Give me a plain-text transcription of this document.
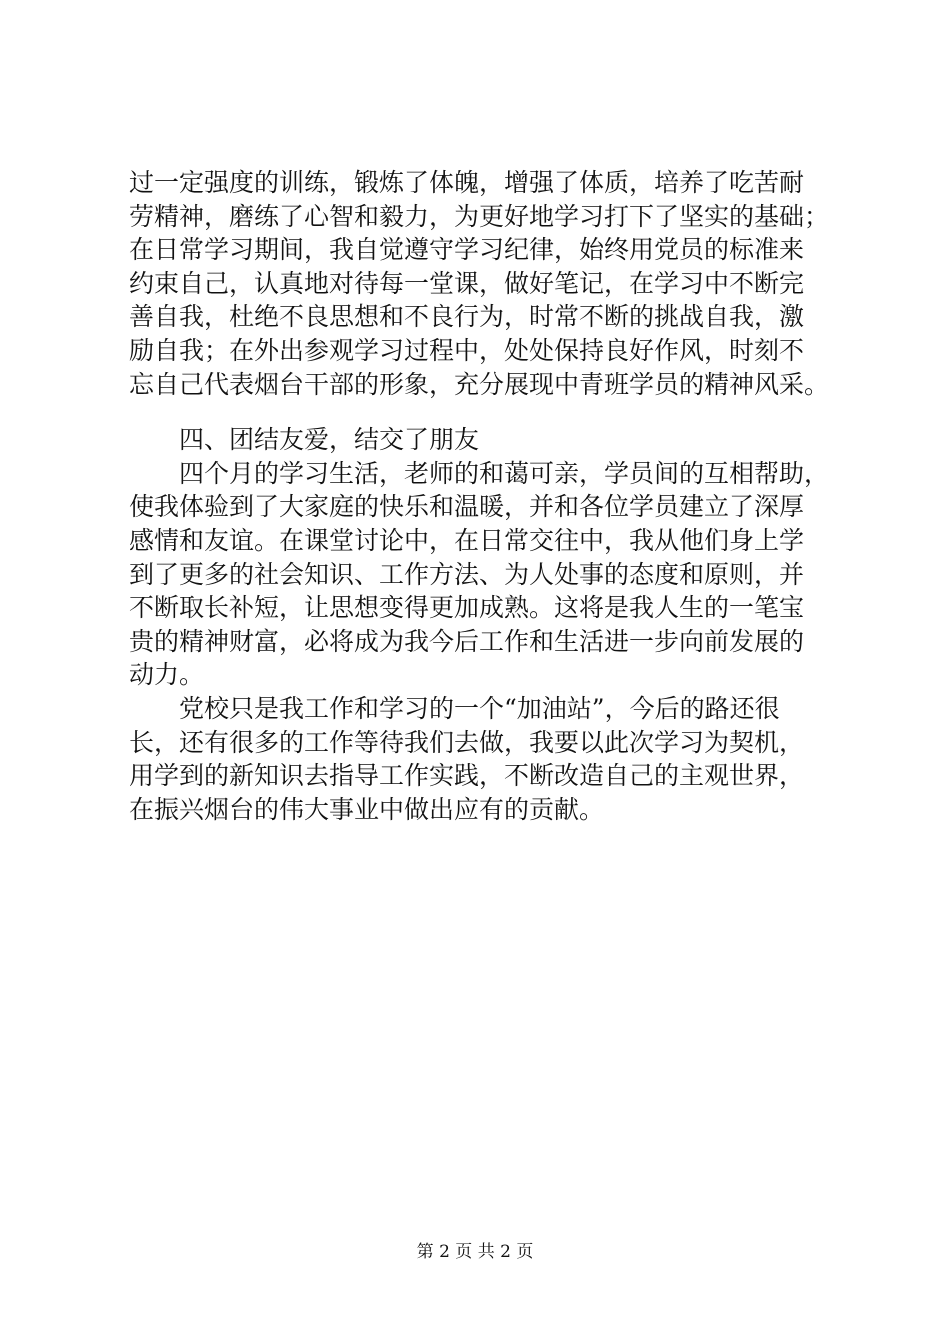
过一定强度的训练，锻炼了体魄，增强了体质，培养了吃苦耐
劳精神，磨练了心智和毅力，为更好地学习打下了坚实的基础；
在日常学习期间，我自觉遵守学习纪律，始终用党员的标准来
约束自己，认真地对待每一堂课，做好笔记，在学习中不断完
善自我，杜绝不良思想和不良行为，时常不断的挑战自我，激
励自我；在外出参观学习过程中，处处保持良好作风，时刻不
忘自己代表烟台干部的形象，充分展现中青班学员的精神风采。
　　四、团结友爱，结交了朋友
　　四个月的学习生活，老师的和蔼可亲，学员间的互相帮助，
使我体验到了大家庭的快乐和温暖，并和各位学员建立了深厚
感情和友谊。在课堂讨论中，在日常交往中，我从他们身上学
到了更多的社会知识、工作方法、为人处事的态度和原则，并
不断取长补短，让思想变得更加成熟。这将是我人生的一笔宝
贵的精神财富，必将成为我今后工作和生活进一步向前发展的
动力。
　　党校只是我工作和学习的一个“加油站”，今后的路还很
长，还有很多的工作等待我们去做，我要以此次学习为契机，
用学到的新知识去指导工作实践，不断改造自己的主观世界，
在振兴烟台的伟大事业中做出应有的贡献。
第 2 页 共 2 页
